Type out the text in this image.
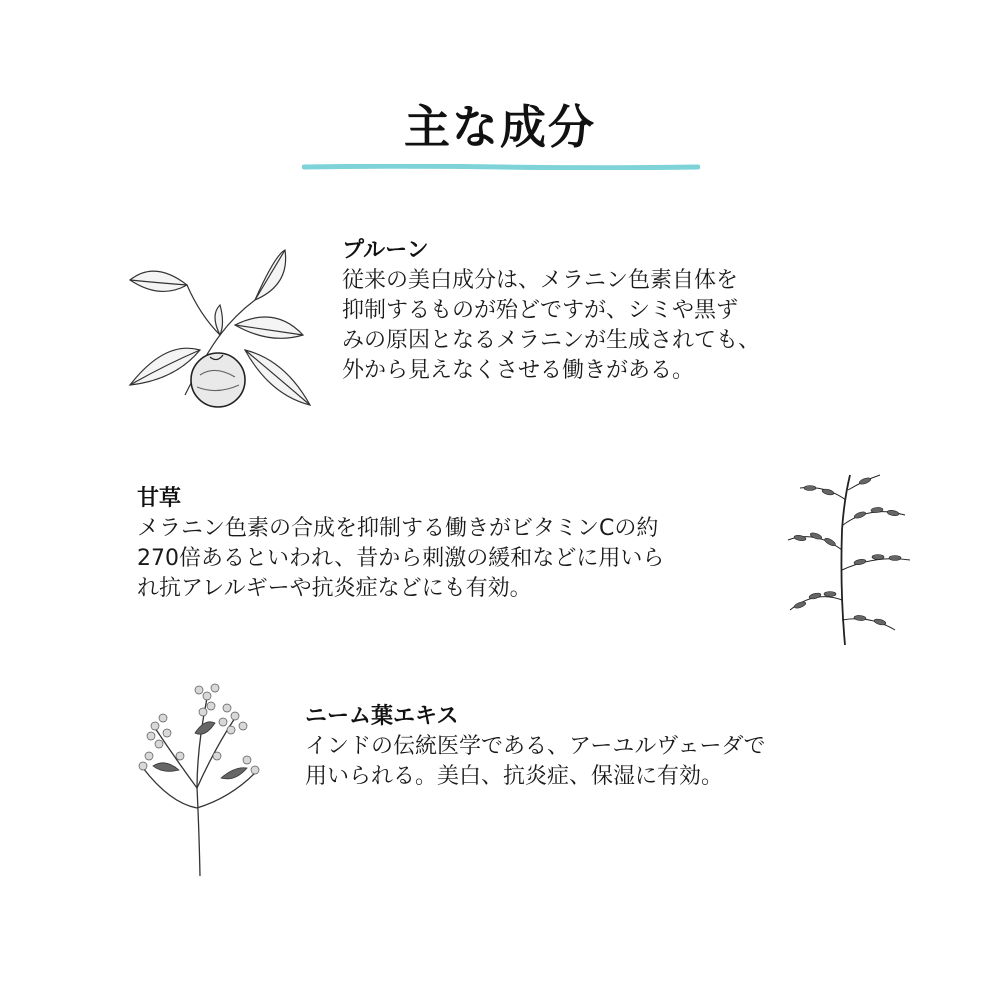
主な成分
プルーン
従来の美白成分は、メラニン色素自体を
抑制するものが殆どですが、シミや黒ず
みの原因となるメラニンが生成されても、
外から見えなくさせる働きがある。
甘草
メラニン色素の合成を抑制する働きがビタミンCの約
270倍あるといわれ、昔から刺激の緩和などに用いら
れ抗アレルギーや抗炎症などにも有効。
ニーム葉エキス
インドの伝統医学である、アーユルヴェーダで
用いられる。美白、抗炎症、保湿に有効。
